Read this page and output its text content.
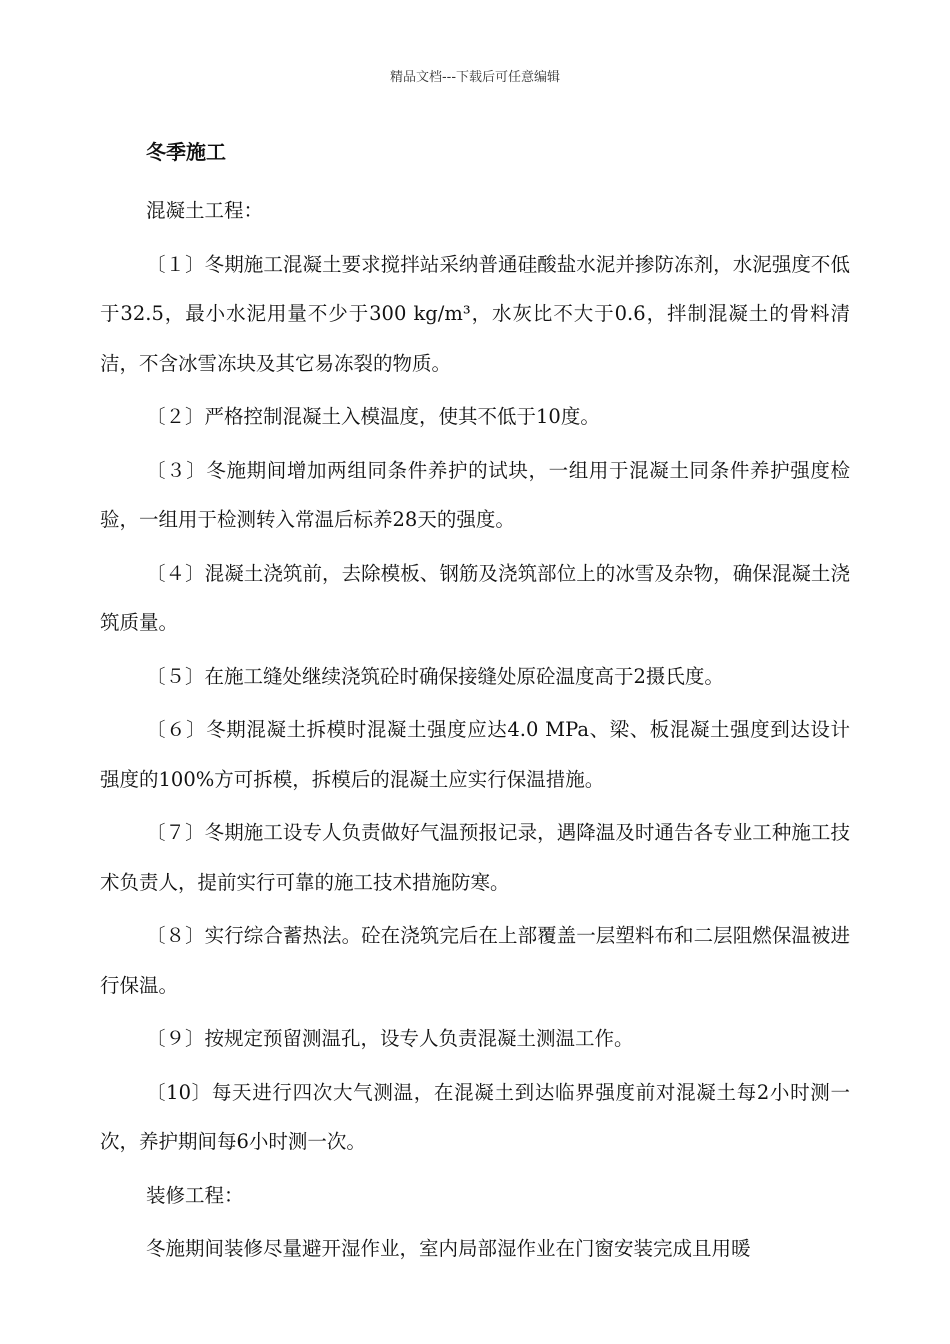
精品文档---下载后可任意编辑
冬季施工
混凝土工程：

〔１〕冬期施工混凝土要求搅拌站采纳普通硅酸盐水泥并掺防冻剂，水泥强度不低于32.5，最小水泥用量不少于300 kg/m³，水灰比不大于0.6，拌制混凝土的骨料清洁，不含冰雪冻块及其它易冻裂的物质。

〔２〕严格控制混凝土入模温度，使其不低于10度。

〔３〕冬施期间增加两组同条件养护的试块，一组用于混凝土同条件养护强度检验，一组用于检测转入常温后标养28天的强度。

〔４〕混凝土浇筑前，去除模板、钢筋及浇筑部位上的冰雪及杂物，确保混凝土浇筑质量。

〔５〕在施工缝处继续浇筑砼时确保接缝处原砼温度高于2摄氏度。

〔６〕冬期混凝土拆模时混凝土强度应达4.0 MPa、梁、板混凝土强度到达设计强度的100%方可拆模，拆模后的混凝土应实行保温措施。

〔７〕冬期施工设专人负责做好气温预报记录，遇降温及时通告各专业工种施工技术负责人，提前实行可靠的施工技术措施防寒。

〔８〕实行综合蓄热法。砼在浇筑完后在上部覆盖一层塑料布和二层阻燃保温被进行保温。

〔９〕按规定预留测温孔，设专人负责混凝土测温工作。

〔10〕每天进行四次大气测温，在混凝土到达临界强度前对混凝土每2小时测一次，养护期间每6小时测一次。

装修工程：

冬施期间装修尽量避开湿作业，室内局部湿作业在门窗安装完成且用暖
